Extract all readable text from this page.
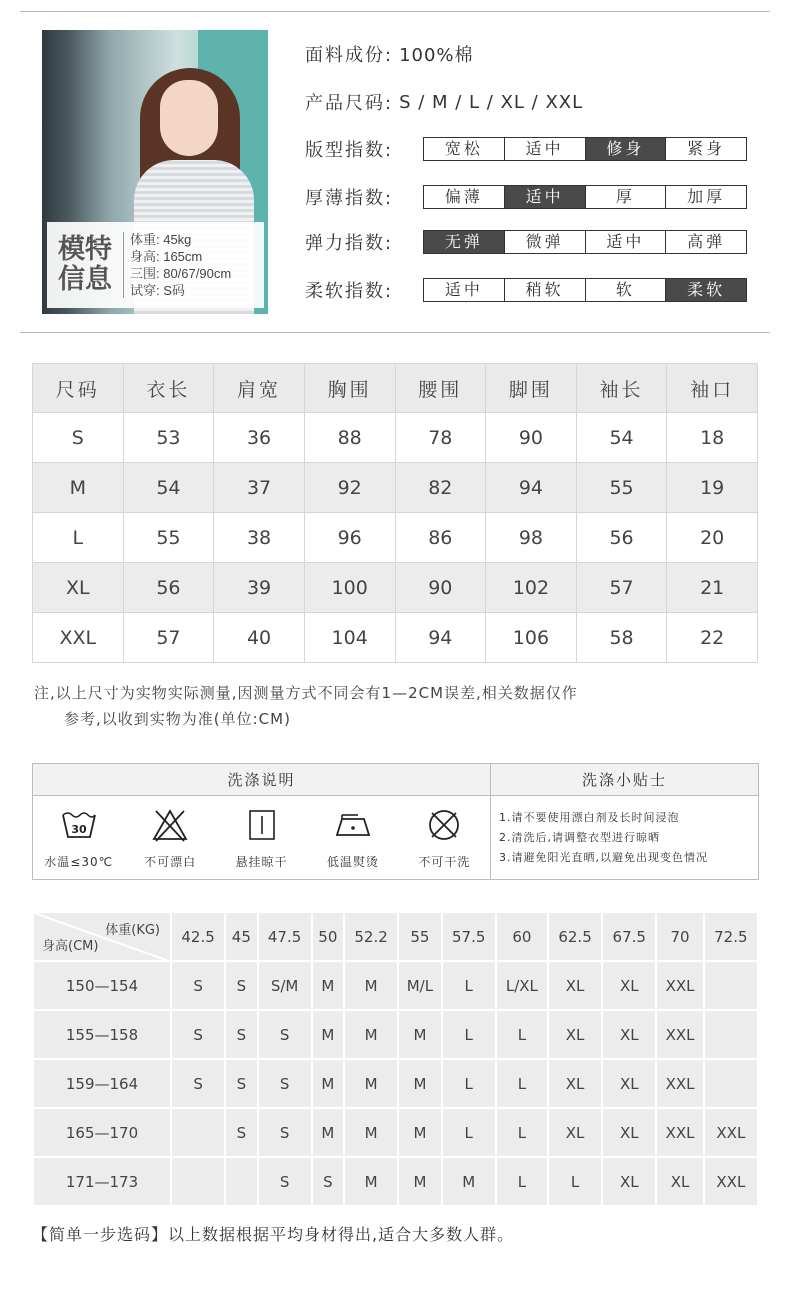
模特
信息
体重: 45kg
身高: 165cm
三围: 80/67/90cm
试穿: S码
面料成份: 100%棉
产品尺码: S / M / L / XL / XXL
版型指数:	宽松	适中	修身	紧身
厚薄指数:	偏薄	适中	厚	加厚
弹力指数:	无弹	微弹	适中	高弹
柔软指数:	适中	稍软	软	柔软
尺码	衣长	肩宽	胸围	腰围	脚围	袖长	袖口
S	53	36	88	78	90	54	18
M	54	37	92	82	94	55	19
L	55	38	96	86	98	56	20
XL	56	39	100	90	102	57	21
XXL	57	40	104	94	106	58	22
注,以上尺寸为实物实际测量,因测量方式不同会有1—2CM误差,相关数据仅作
参考,以收到实物为准(单位:CM)
洗涤说明	洗涤小贴士
30
水温≤30℃	不可漂白	悬挂晾干	低温熨烫	不可干洗
1.请不要使用漂白剂及长时间浸泡
2.清洗后,请调整衣型进行晾晒
3.请避免阳光直晒,以避免出现变色情况
体重(KG)
身高(CM)	42.5	45	47.5	50	52.2	55	57.5	60	62.5	67.5	70	72.5
150—154	S	S	S/M	M	M	M/L	L	L/XL	XL	XL	XXL	
155—158	S	S	S	M	M	M	L	L	XL	XL	XXL	
159—164	S	S	S	M	M	M	L	L	XL	XL	XXL	
165—170		S	S	M	M	M	L	L	XL	XL	XXL	XXL
171—173			S	S	M	M	M	L	L	XL	XL	XXL
【简单一步选码】以上数据根据平均身材得出,适合大多数人群。
